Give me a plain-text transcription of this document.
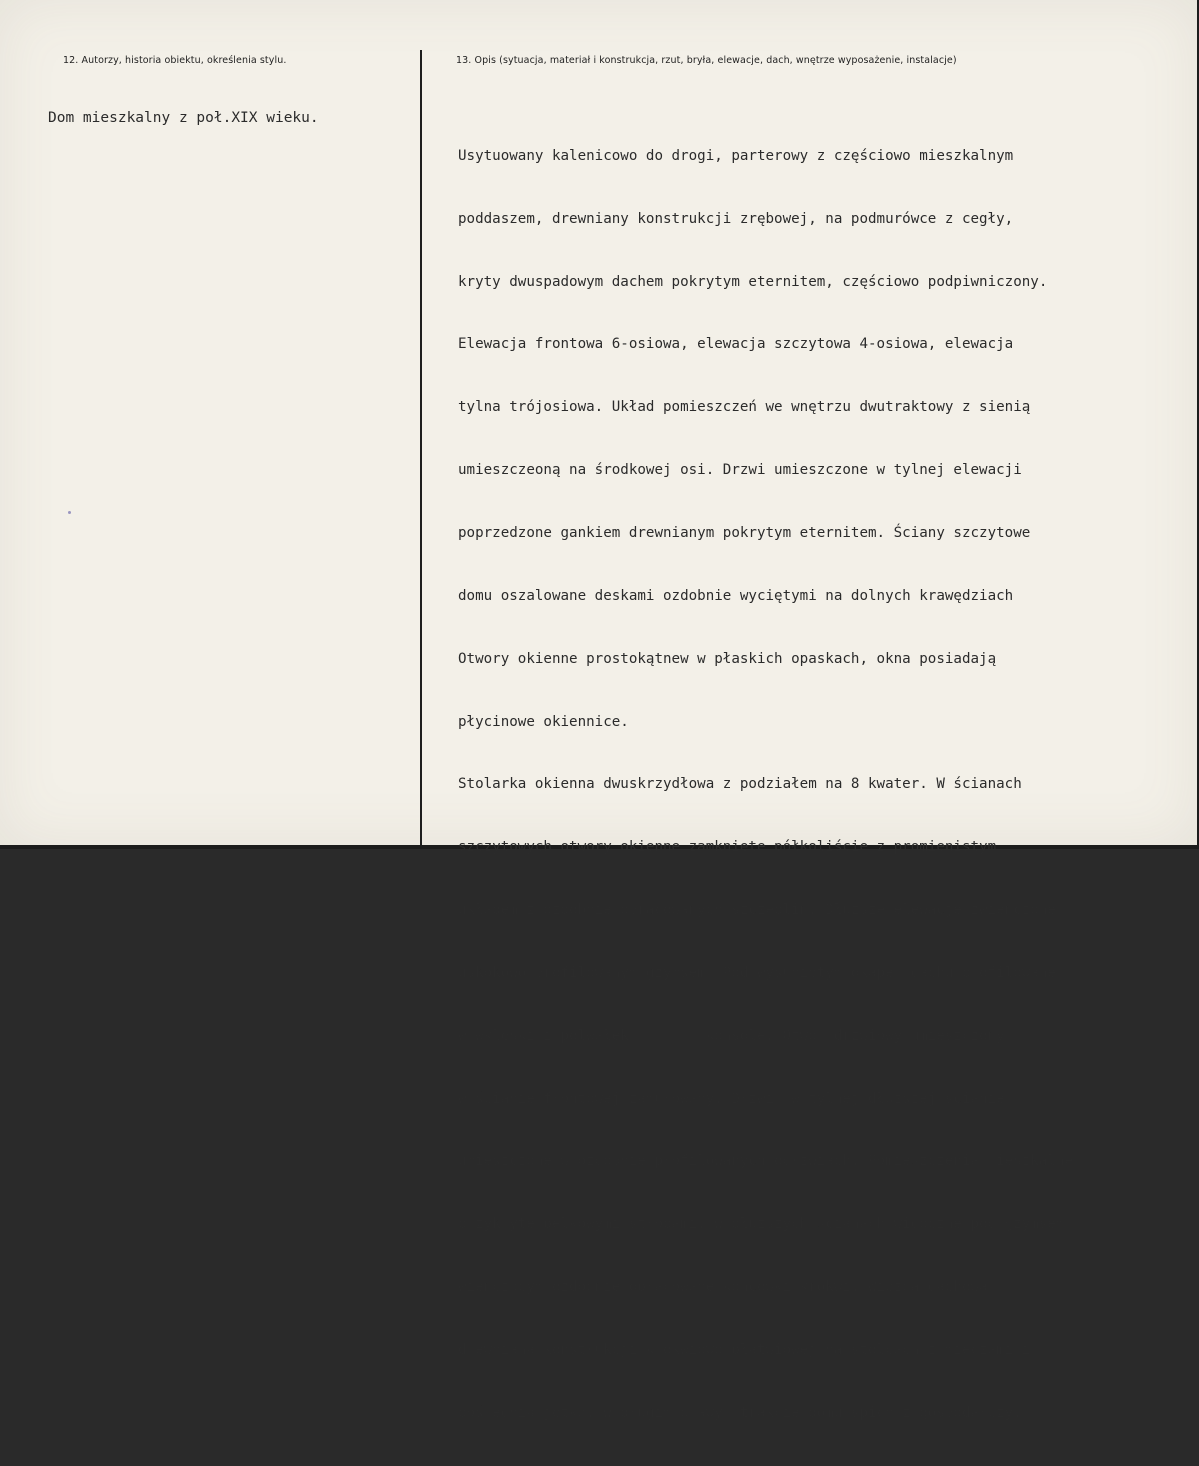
12. Autorzy, historia obiektu, określenia stylu.	13. Opis (sytuacja, materiał i konstrukcja, rzut, bryła, elewacje, dach, wnętrze wyposażenie, instalacje)
Dom mieszkalny z poł.XIX wieku.

Usytuowany kalenicowo do drogi, parterowy z częściowo mieszkalnym

poddaszem, drewniany konstrukcji zrębowej, na podmurówce z cegły,

kryty dwuspadowym dachem pokrytym eternitem, częściowo podpiwniczony.

Elewacja frontowa 6-osiowa, elewacja szczytowa 4-osiowa, elewacja

tylna trójosiowa. Układ pomieszczeń we wnętrzu dwutraktowy z sienią

umieszczeoną na środkowej osi. Drzwi umieszczone w tylnej elewacji

poprzedzone gankiem drewnianym pokrytym eternitem. Ściany szczytowe

domu oszalowane deskami ozdobnie wyciętymi na dolnych krawędziach

Otwory okienne prostokątnew w płaskich opaskach, okna posiadają

płycinowe okiennice.

Stolarka okienna dwuskrzydłowa z podziałem na 8 kwater. W ścianach

szczytowych otwory okienne zamknięte półkoliście z promienistym

układem z ozdobnie opracowanych szczeblin. Dłuższe elewacje zwieńczone

uskokowo profilowanym gzymsem. Pod wysuniętym okapem dachu profilowane

w wklęski i półwałek         konsole. Otwór drzwiowy umieszczony

w ścianie frontowej zamurowany. Drzwi  w tylnej dłuższej ścianie

umieszczone w ozdobnie profilowanych odrzwiach. Pomieszczenia mieszkalne

przykryte belkowymi stropami. W dłuższych ścianach widoczne pod gzymsem

wieńczącym ozdobnie opracowane końcówki krokwi. Więźba dachowa

drewniana konstrukcji krokwiowo-płatwiowej na stolcach z mieczami i

pośrednią jętką. W drugim prawym trakcie domu spichrz gospodarczy.
